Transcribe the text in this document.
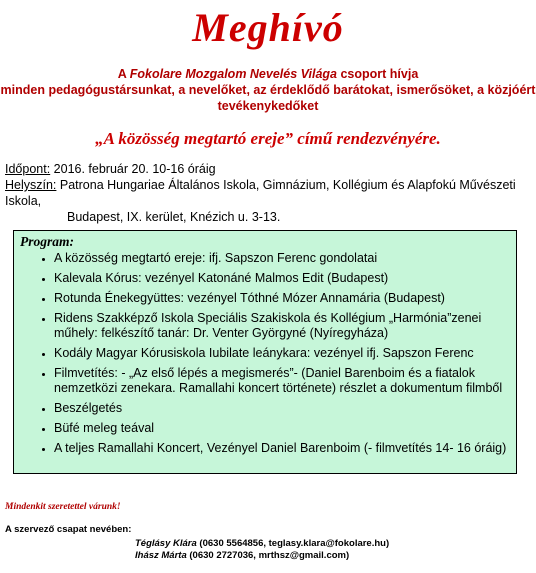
Meghívó
A Fokolare Mozgalom Nevelés Világa csoport hívja
minden pedagógustársunkat, a nevelőket, az érdeklődő barátokat, ismerősöket, a közjóért
tevékenykedőket
„A közösség megtartó ereje” című rendezvényére.
Időpont: 2016. február 20. 10-16 óráig
Helyszín: Patrona Hungariae Általános Iskola, Gimnázium, Kollégium és Alapfokú Művészeti Iskola,
Budapest, IX. kerület, Knézich u. 3-13.
Program:
• A közösség megtartó ereje: ifj. Sapszon Ferenc gondolatai
• Kalevala Kórus: vezényel Katonáné Malmos Edit (Budapest)
• Rotunda Énekegyüttes: vezényel Tóthné Mózer Annamária (Budapest)
• Ridens Szakképző Iskola Speciális Szakiskola és Kollégium „Harmónia”zenei műhely: felkészítő tanár: Dr. Venter Györgyné (Nyíregyháza)
• Kodály Magyar Kórusiskola Iubilate leánykara: vezényel ifj. Sapszon Ferenc
• Filmvetítés: - „Az első lépés a megismerés”- (Daniel Barenboim és a fiatalok nemzetközi zenekara. Ramallahi koncert története) részlet a dokumentum filmből
• Beszélgetés
• Büfé meleg teával
• A teljes Ramallahi Koncert, Vezényel Daniel Barenboim (- filmvetítés 14- 16 óráig)
Mindenkit szeretettel várunk!
A szervező csapat nevében:
Téglásy Klára (0630 5564856, teglasy.klara@fokolare.hu)
Ihász Márta (0630 2727036, mrthsz@gmail.com)
